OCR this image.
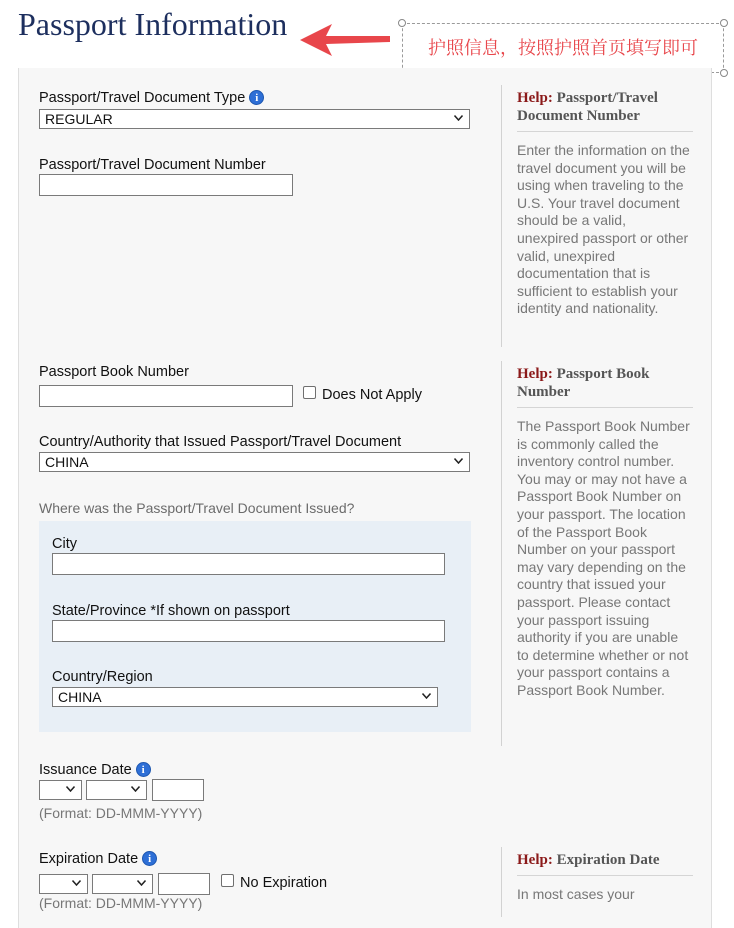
Passport Information
护照信息，按照护照首页填写即可
Passport/Travel Document Type i
REGULAR
Passport/Travel Document Number
Passport Book Number
Does Not Apply
Country/Authority that Issued Passport/Travel Document
CHINA
Where was the Passport/Travel Document Issued?
City
State/Province *If shown on passport
Country/Region
CHINA
Issuance Date i
(Format: DD-MMM-YYYY)
Expiration Date i
No Expiration
(Format: DD-MMM-YYYY)
Help: Passport/Travel Document Number
Enter the information on the travel document you will be using when traveling to the U.S. Your travel document should be a valid, unexpired passport or other valid, unexpired documentation that is sufficient to establish your identity and nationality.
Help: Passport Book Number
The Passport Book Number is commonly called the inventory control number. You may or may not have a Passport Book Number on your passport. The location of the Passport Book Number on your passport may vary depending on the country that issued your passport. Please contact your passport issuing authority if you are unable to determine whether or not your passport contains a Passport Book Number.
Help: Expiration Date
In most cases your
